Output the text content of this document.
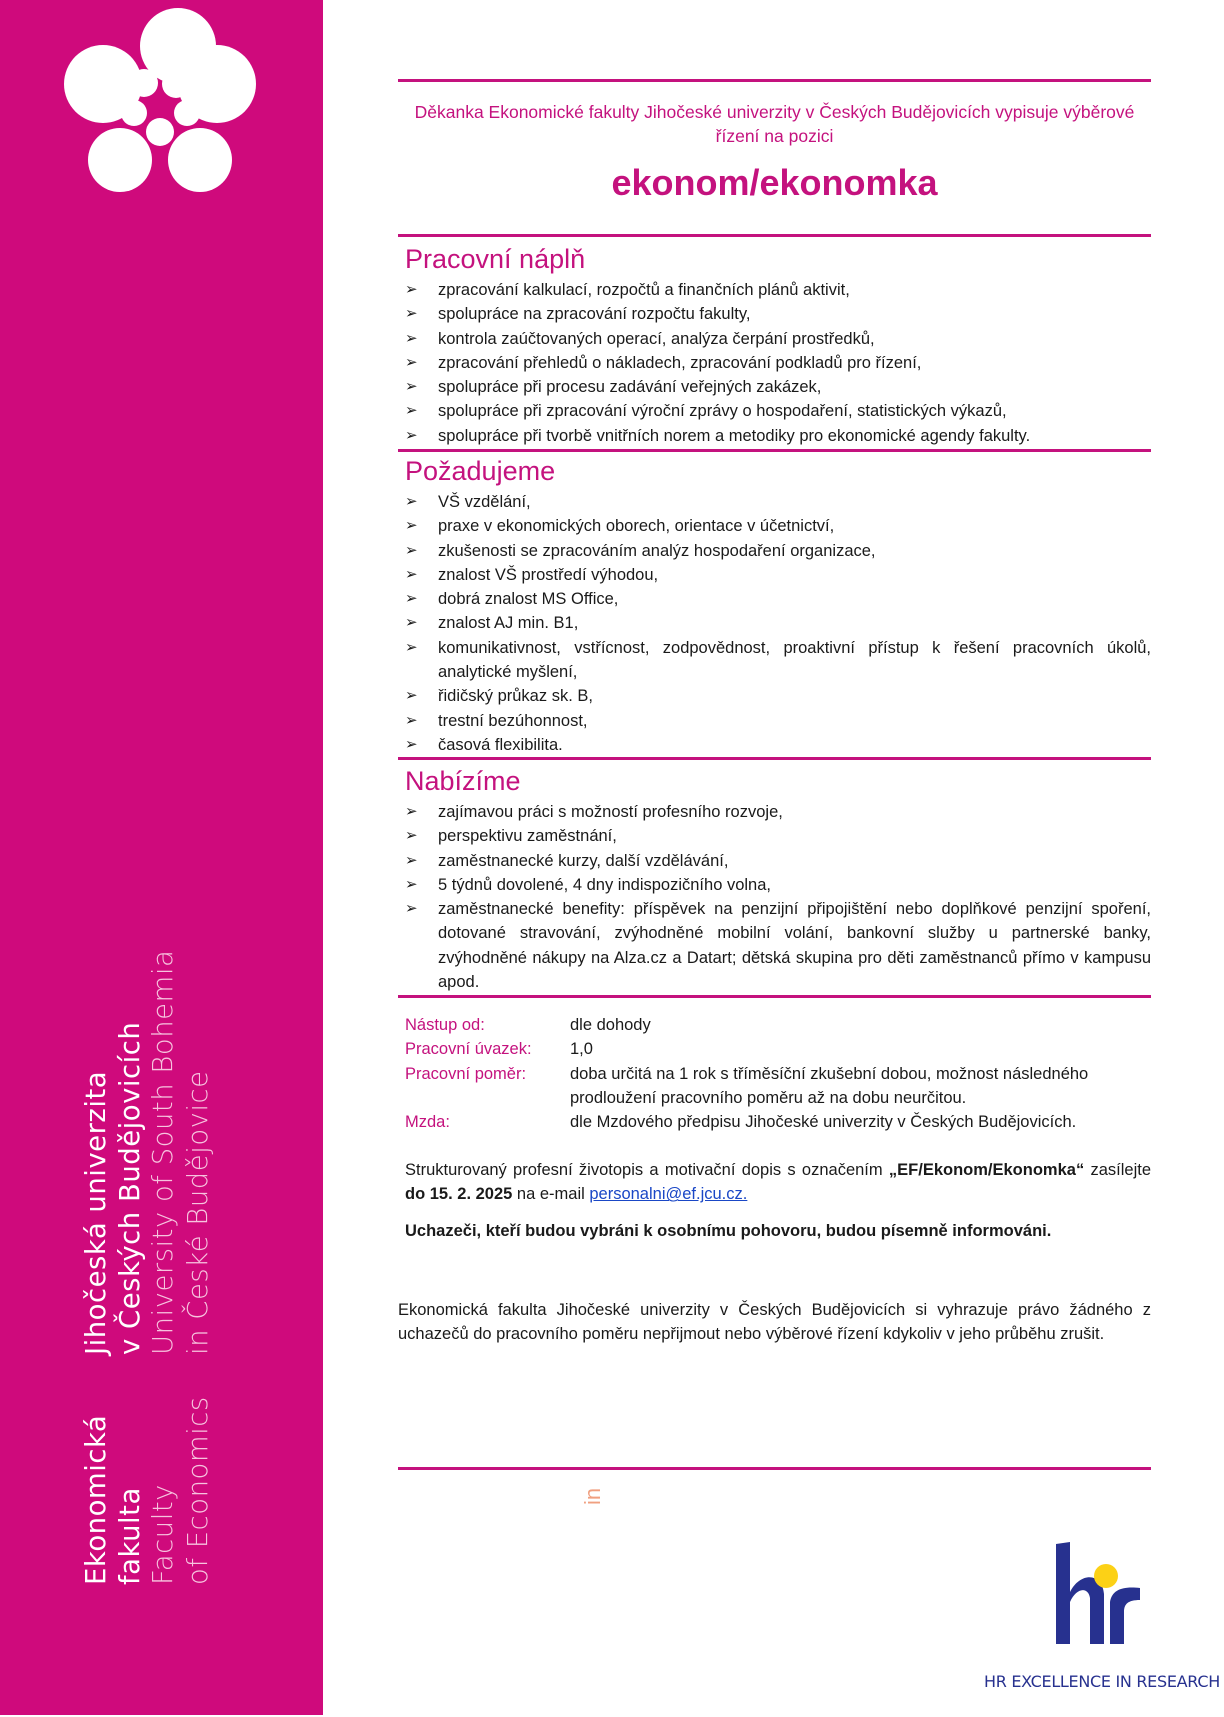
Ekonomická fakulta Faculty of Economics
Jihočeská univerzita v Českých Budějovicích University of South Bohemia in České Budějovice
Děkanka Ekonomické fakulty Jihočeské univerzity v Českých Budějovicích vypisuje výběrové řízení na pozici
ekonom/ekonomka
Pracovní náplň
➢ zpracování kalkulací, rozpočtů a finančních plánů aktivit,
➢ spolupráce na zpracování rozpočtu fakulty,
➢ kontrola zaúčtovaných operací, analýza čerpání prostředků,
➢ zpracování přehledů o nákladech, zpracování podkladů pro řízení,
➢ spolupráce při procesu zadávání veřejných zakázek,
➢ spolupráce při zpracování výroční zprávy o hospodaření, statistických výkazů,
➢ spolupráce při tvorbě vnitřních norem a metodiky pro ekonomické agendy fakulty.
Požadujeme
➢ VŠ vzdělání,
➢ praxe v ekonomických oborech, orientace v účetnictví,
➢ zkušenosti se zpracováním analýz hospodaření organizace,
➢ znalost VŠ prostředí výhodou,
➢ dobrá znalost MS Office,
➢ znalost AJ min. B1,
➢ komunikativnost, vstřícnost, zodpovědnost, proaktivní přístup k řešení pracovních úkolů, analytické myšlení,
➢ řidičský průkaz sk. B,
➢ trestní bezúhonnost,
➢ časová flexibilita.
Nabízíme
➢ zajímavou práci s možností profesního rozvoje,
➢ perspektivu zaměstnání,
➢ zaměstnanecké kurzy, další vzdělávání,
➢ 5 týdnů dovolené, 4 dny indispozičního volna,
➢ zaměstnanecké benefity: příspěvek na penzijní připojištění nebo doplňkové penzijní spoření, dotované stravování, zvýhodněné mobilní volání, bankovní služby u partnerské banky, zvýhodněné nákupy na Alza.cz a Datart; dětská skupina pro děti zaměstnanců přímo v kampusu apod.
Nástup od:	dle dohody
Pracovní úvazek:	1,0
Pracovní poměr:	doba určitá na 1 rok s tříměsíční zkušební dobou, možnost následného prodloužení pracovního poměru až na dobu neurčitou.
Mzda:	dle Mzdového předpisu Jihočeské univerzity v Českých Budějovicích.
Strukturovaný profesní životopis a motivační dopis s označením „EF/Ekonom/Ekonomka“ zasílejte do 15. 2. 2025 na e-mail personalni@ef.jcu.cz.
Uchazeči, kteří budou vybráni k osobnímu pohovoru, budou písemně informováni.
Ekonomická fakulta Jihočeské univerzity v Českých Budějovicích si vyhrazuje právo žádného z uchazečů do pracovního poměru nepřijmout nebo výběrové řízení kdykoliv v jeho průběhu zrušit.
in
HR EXCELLENCE IN RESEARCH
